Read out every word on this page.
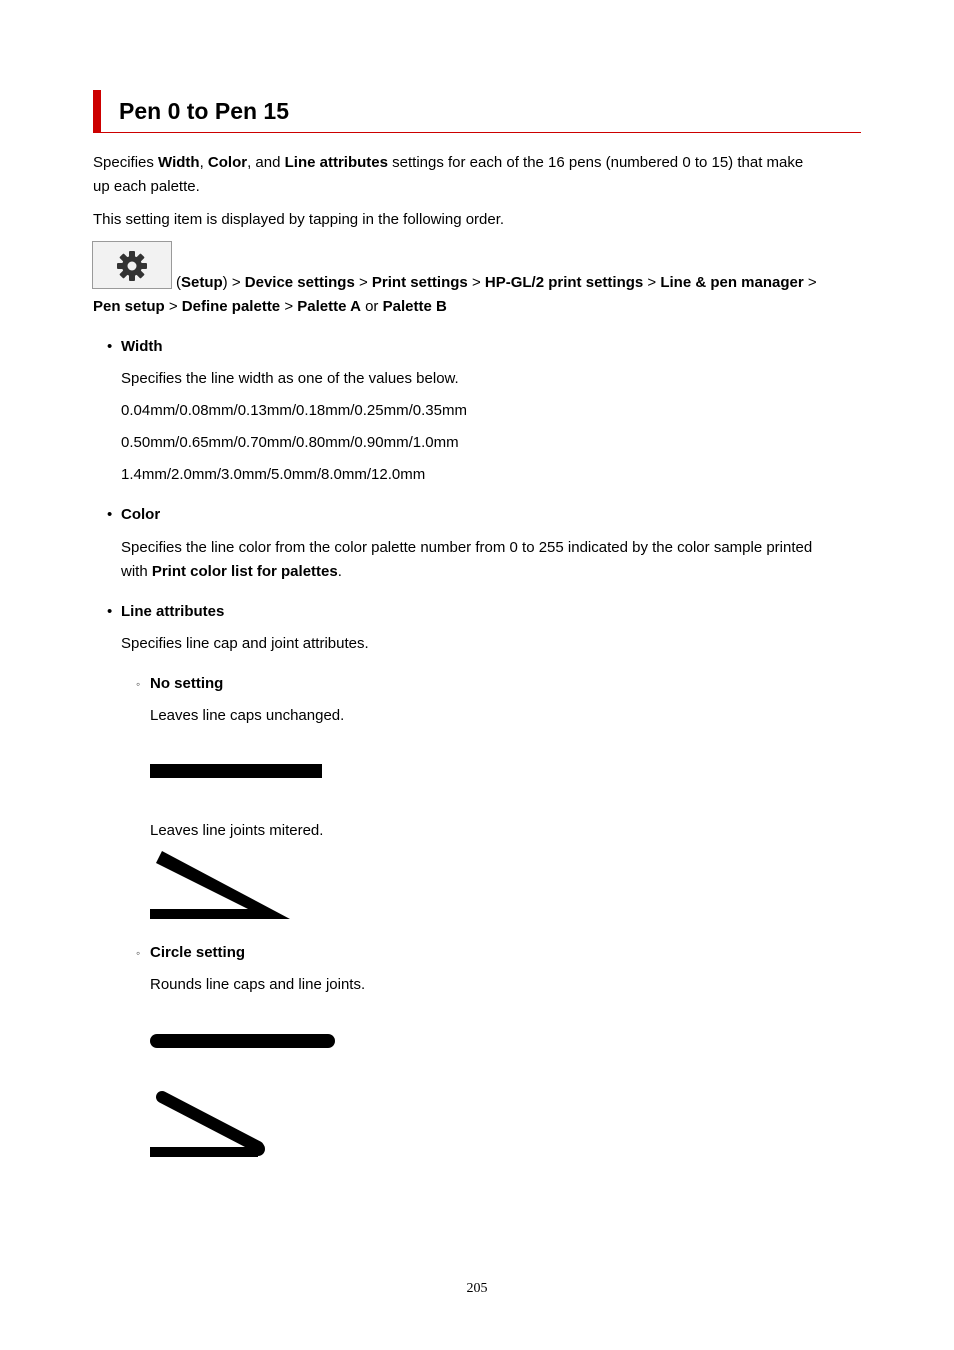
Pen 0 to Pen 15

Specifies Width, Color, and Line attributes settings for each of the 16 pens (numbered 0 to 15) that make
up each palette.

This setting item is displayed by tapping in the following order.

(Setup) > Device settings > Print settings > HP-GL/2 print settings > Line & pen manager >

Pen setup > Define palette > Palette A or Palette B

• Width

Specifies the line width as one of the values below.

0.04mm/0.08mm/0.13mm/0.18mm/0.25mm/0.35mm

0.50mm/0.65mm/0.70mm/0.80mm/0.90mm/1.0mm

1.4mm/2.0mm/3.0mm/5.0mm/8.0mm/12.0mm

• Color

Specifies the line color from the color palette number from 0 to 255 indicated by the color sample printed
with Print color list for palettes.

• Line attributes

Specifies line cap and joint attributes.

◦ No setting

Leaves line caps unchanged.

Leaves line joints mitered.

◦ Circle setting

Rounds line caps and line joints.

205
